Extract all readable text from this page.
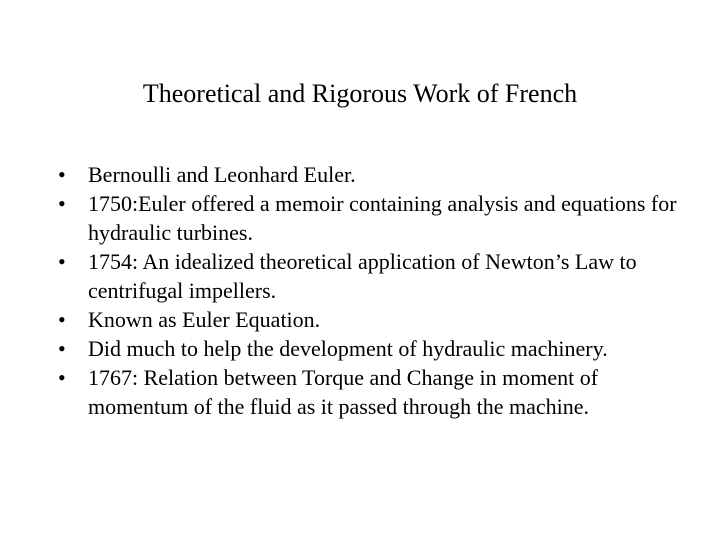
Theoretical and Rigorous Work of French
•	Bernoulli and Leonhard Euler.
•	1750:Euler offered a memoir containing analysis and equations for hydraulic turbines.
•	1754: An idealized theoretical application of Newton’s Law to centrifugal impellers.
•	Known as Euler Equation.
•	Did much to help the development of hydraulic machinery.
•	1767: Relation between Torque and Change in moment of momentum of the fluid as it passed through the machine.
